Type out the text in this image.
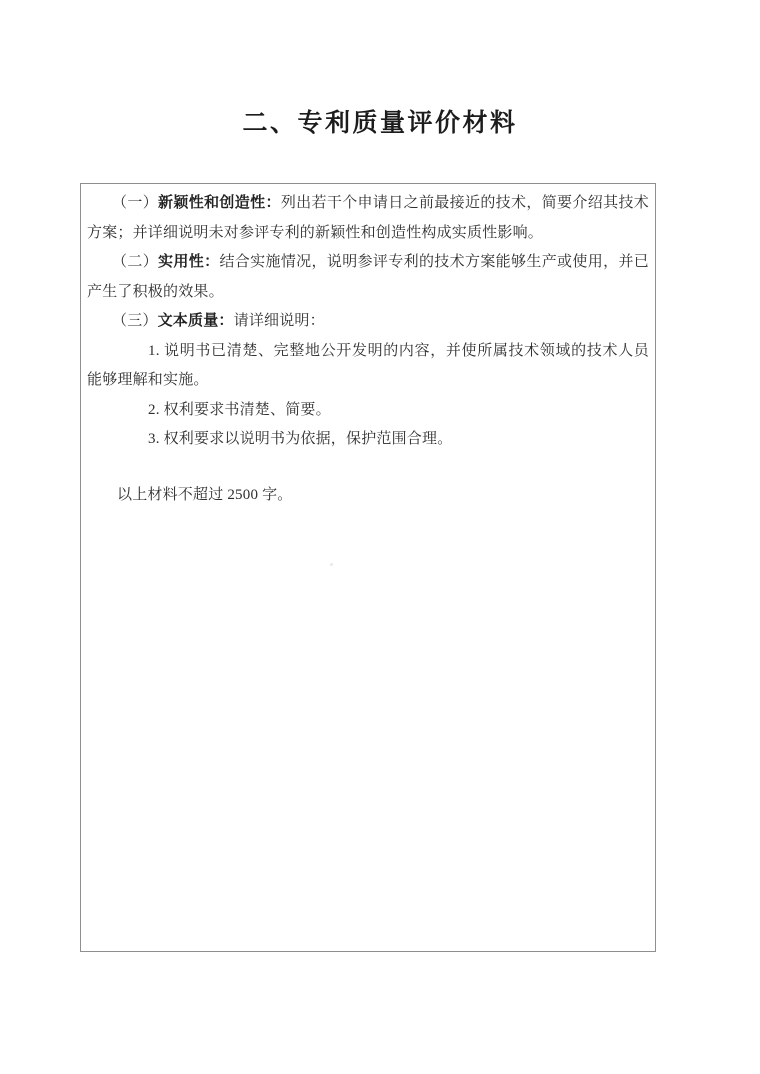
二、专利质量评价材料

（一）新颖性和创造性：列出若干个申请日之前最接近的技术，简要介绍其技术方案；并详细说明未对参评专利的新颖性和创造性构成实质性影响。

（二）实用性：结合实施情况，说明参评专利的技术方案能够生产或使用，并已产生了积极的效果。

（三）文本质量：请详细说明：

1. 说明书已清楚、完整地公开发明的内容，并使所属技术领域的技术人员能够理解和实施。

2. 权利要求书清楚、简要。

3. 权利要求以说明书为依据，保护范围合理。

以上材料不超过 2500 字。
